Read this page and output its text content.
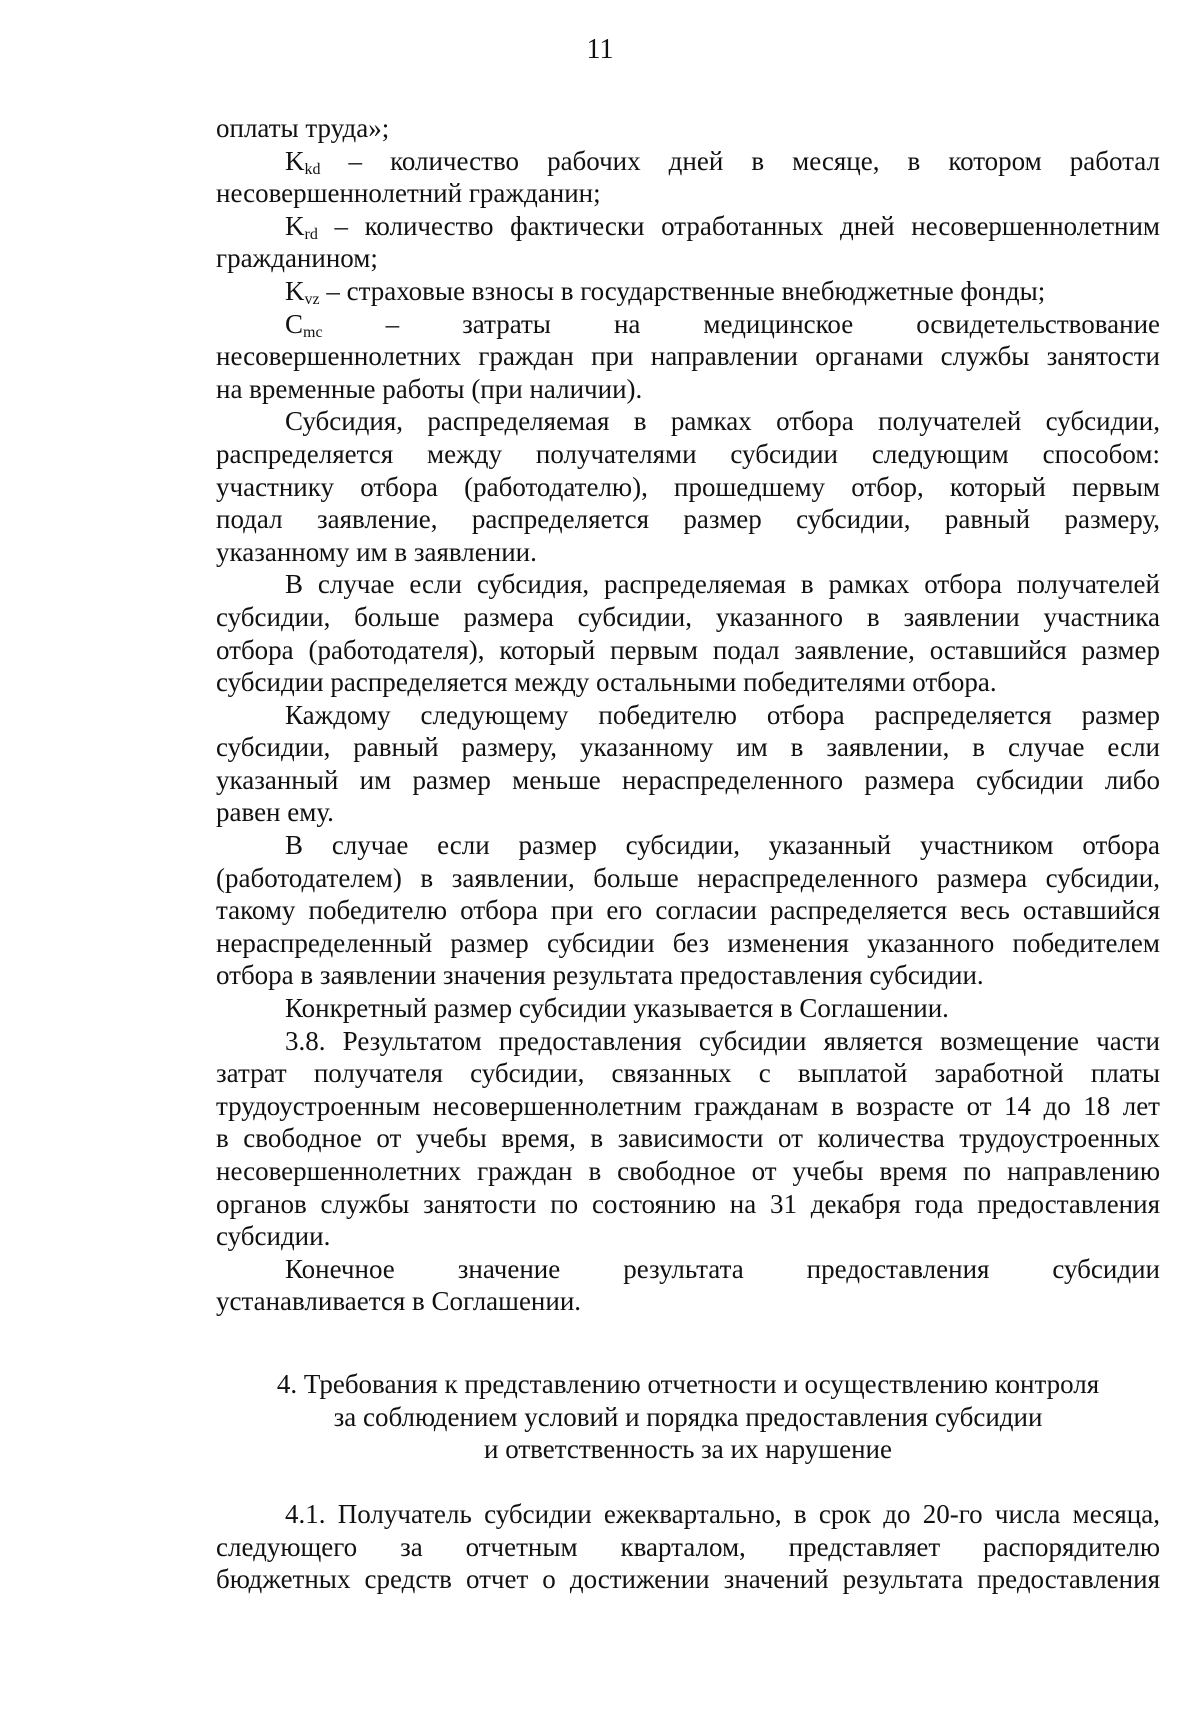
11
оплаты труда»;
$K_{kd}$ – количество рабочих дней в месяце, в котором работал
несовершеннолетний гражданин;
$K_{rd}$ – количество фактически отработанных дней несовершеннолетним
гражданином;
$K_{vz}$ – страховые взносы в государственные внебюджетные фонды;
$C_{mc}$ – затраты на медицинское освидетельствование
несовершеннолетних граждан при направлении органами службы занятости
на временные работы (при наличии).
Субсидия, распределяемая в рамках отбора получателей субсидии,
распределяется между получателями субсидии следующим способом:
участнику отбора (работодателю), прошедшему отбор, который первым
подал заявление, распределяется размер субсидии, равный размеру,
указанному им в заявлении.
В случае если субсидия, распределяемая в рамках отбора получателей
субсидии, больше размера субсидии, указанного в заявлении участника
отбора (работодателя), который первым подал заявление, оставшийся размер
субсидии распределяется между остальными победителями отбора.
Каждому следующему победителю отбора распределяется размер
субсидии, равный размеру, указанному им в заявлении, в случае если
указанный им размер меньше нераспределенного размера субсидии либо
равен ему.
В случае если размер субсидии, указанный участником отбора
(работодателем) в заявлении, больше нераспределенного размера субсидии,
такому победителю отбора при его согласии распределяется весь оставшийся
нераспределенный размер субсидии без изменения указанного победителем
отбора в заявлении значения результата предоставления субсидии.
Конкретный размер субсидии указывается в Соглашении.
3.8. Результатом предоставления субсидии является возмещение части
затрат получателя субсидии, связанных с выплатой заработной платы
трудоустроенным несовершеннолетним гражданам в возрасте от 14 до 18 лет
в свободное от учебы время, в зависимости от количества трудоустроенных
несовершеннолетних граждан в свободное от учебы время по направлению
органов службы занятости по состоянию на 31 декабря года предоставления
субсидии.
Конечное значение результата предоставления субсидии
устанавливается в Соглашении.
4. Требования к представлению отчетности и осуществлению контроля
за соблюдением условий и порядка предоставления субсидии
и ответственность за их нарушение
4.1. Получатель субсидии ежеквартально, в срок до 20-го числа месяца,
следующего за отчетным кварталом, представляет распорядителю
бюджетных средств отчет о достижении значений результата предоставления
